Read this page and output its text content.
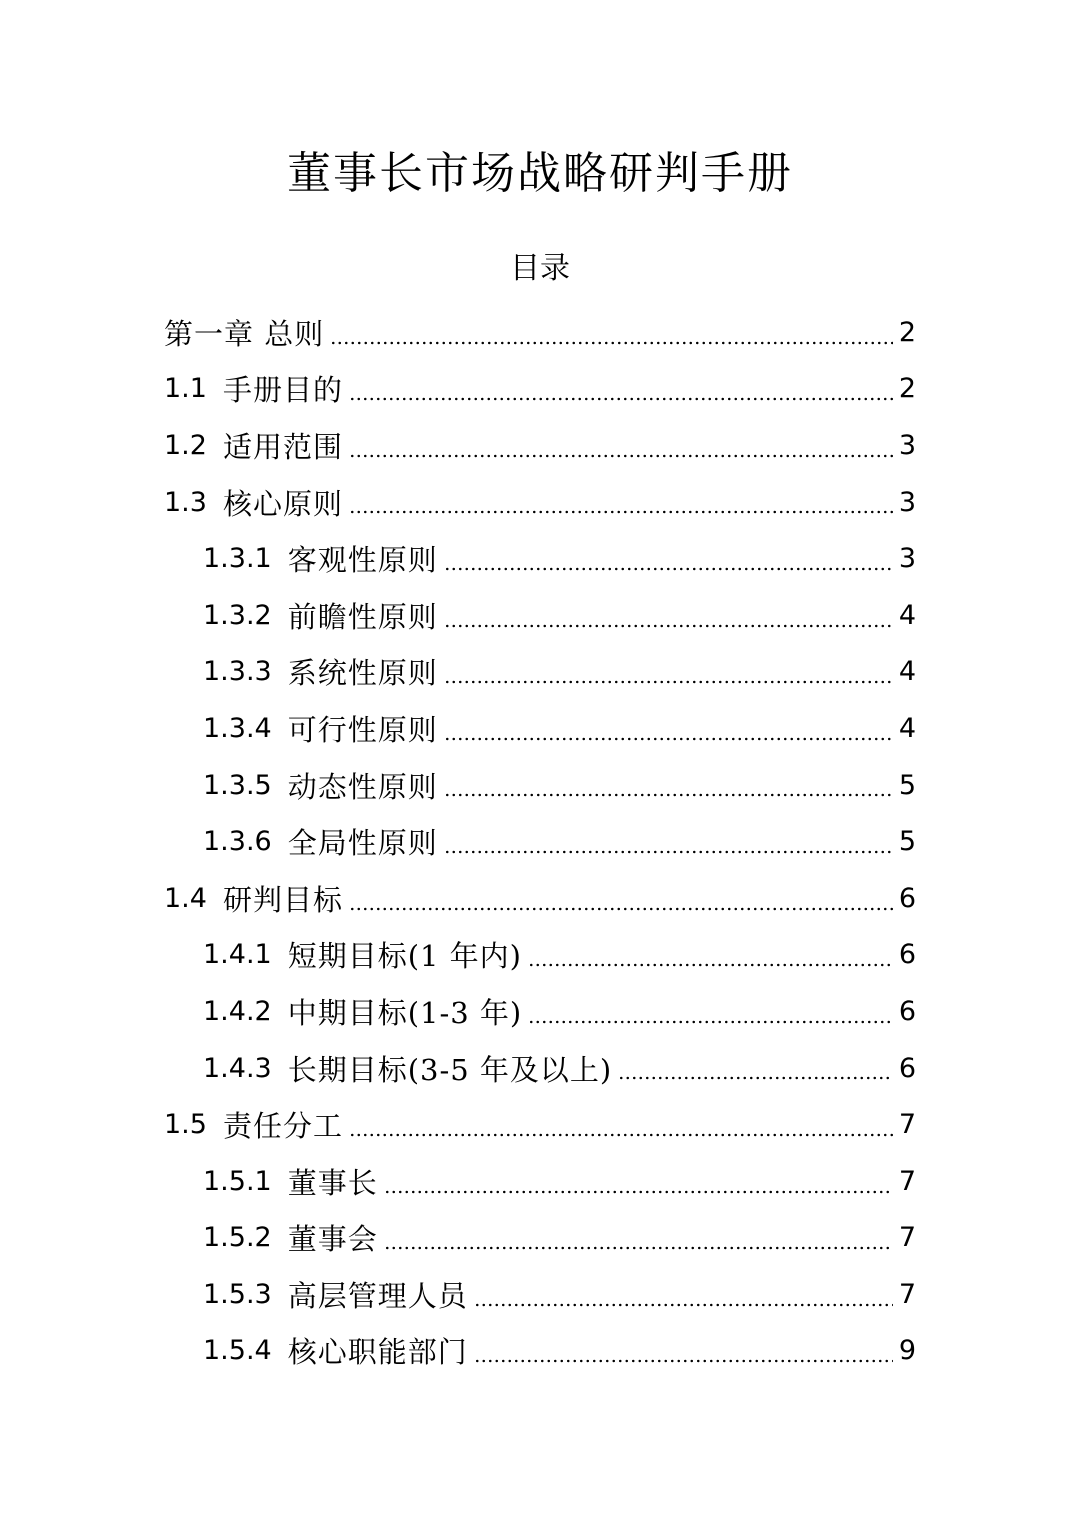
董事长市场战略研判手册
目录
第一章 总则	2
1.1 手册目的	2
1.2 适用范围	3
1.3 核心原则	3
1.3.1 客观性原则	3
1.3.2 前瞻性原则	4
1.3.3 系统性原则	4
1.3.4 可行性原则	4
1.3.5 动态性原则	5
1.3.6 全局性原则	5
1.4 研判目标	6
1.4.1 短期目标(1 年内)	6
1.4.2 中期目标(1-3 年)	6
1.4.3 长期目标(3-5 年及以上)	6
1.5 责任分工	7
1.5.1 董事长	7
1.5.2 董事会	7
1.5.3 高层管理人员	7
1.5.4 核心职能部门	9
